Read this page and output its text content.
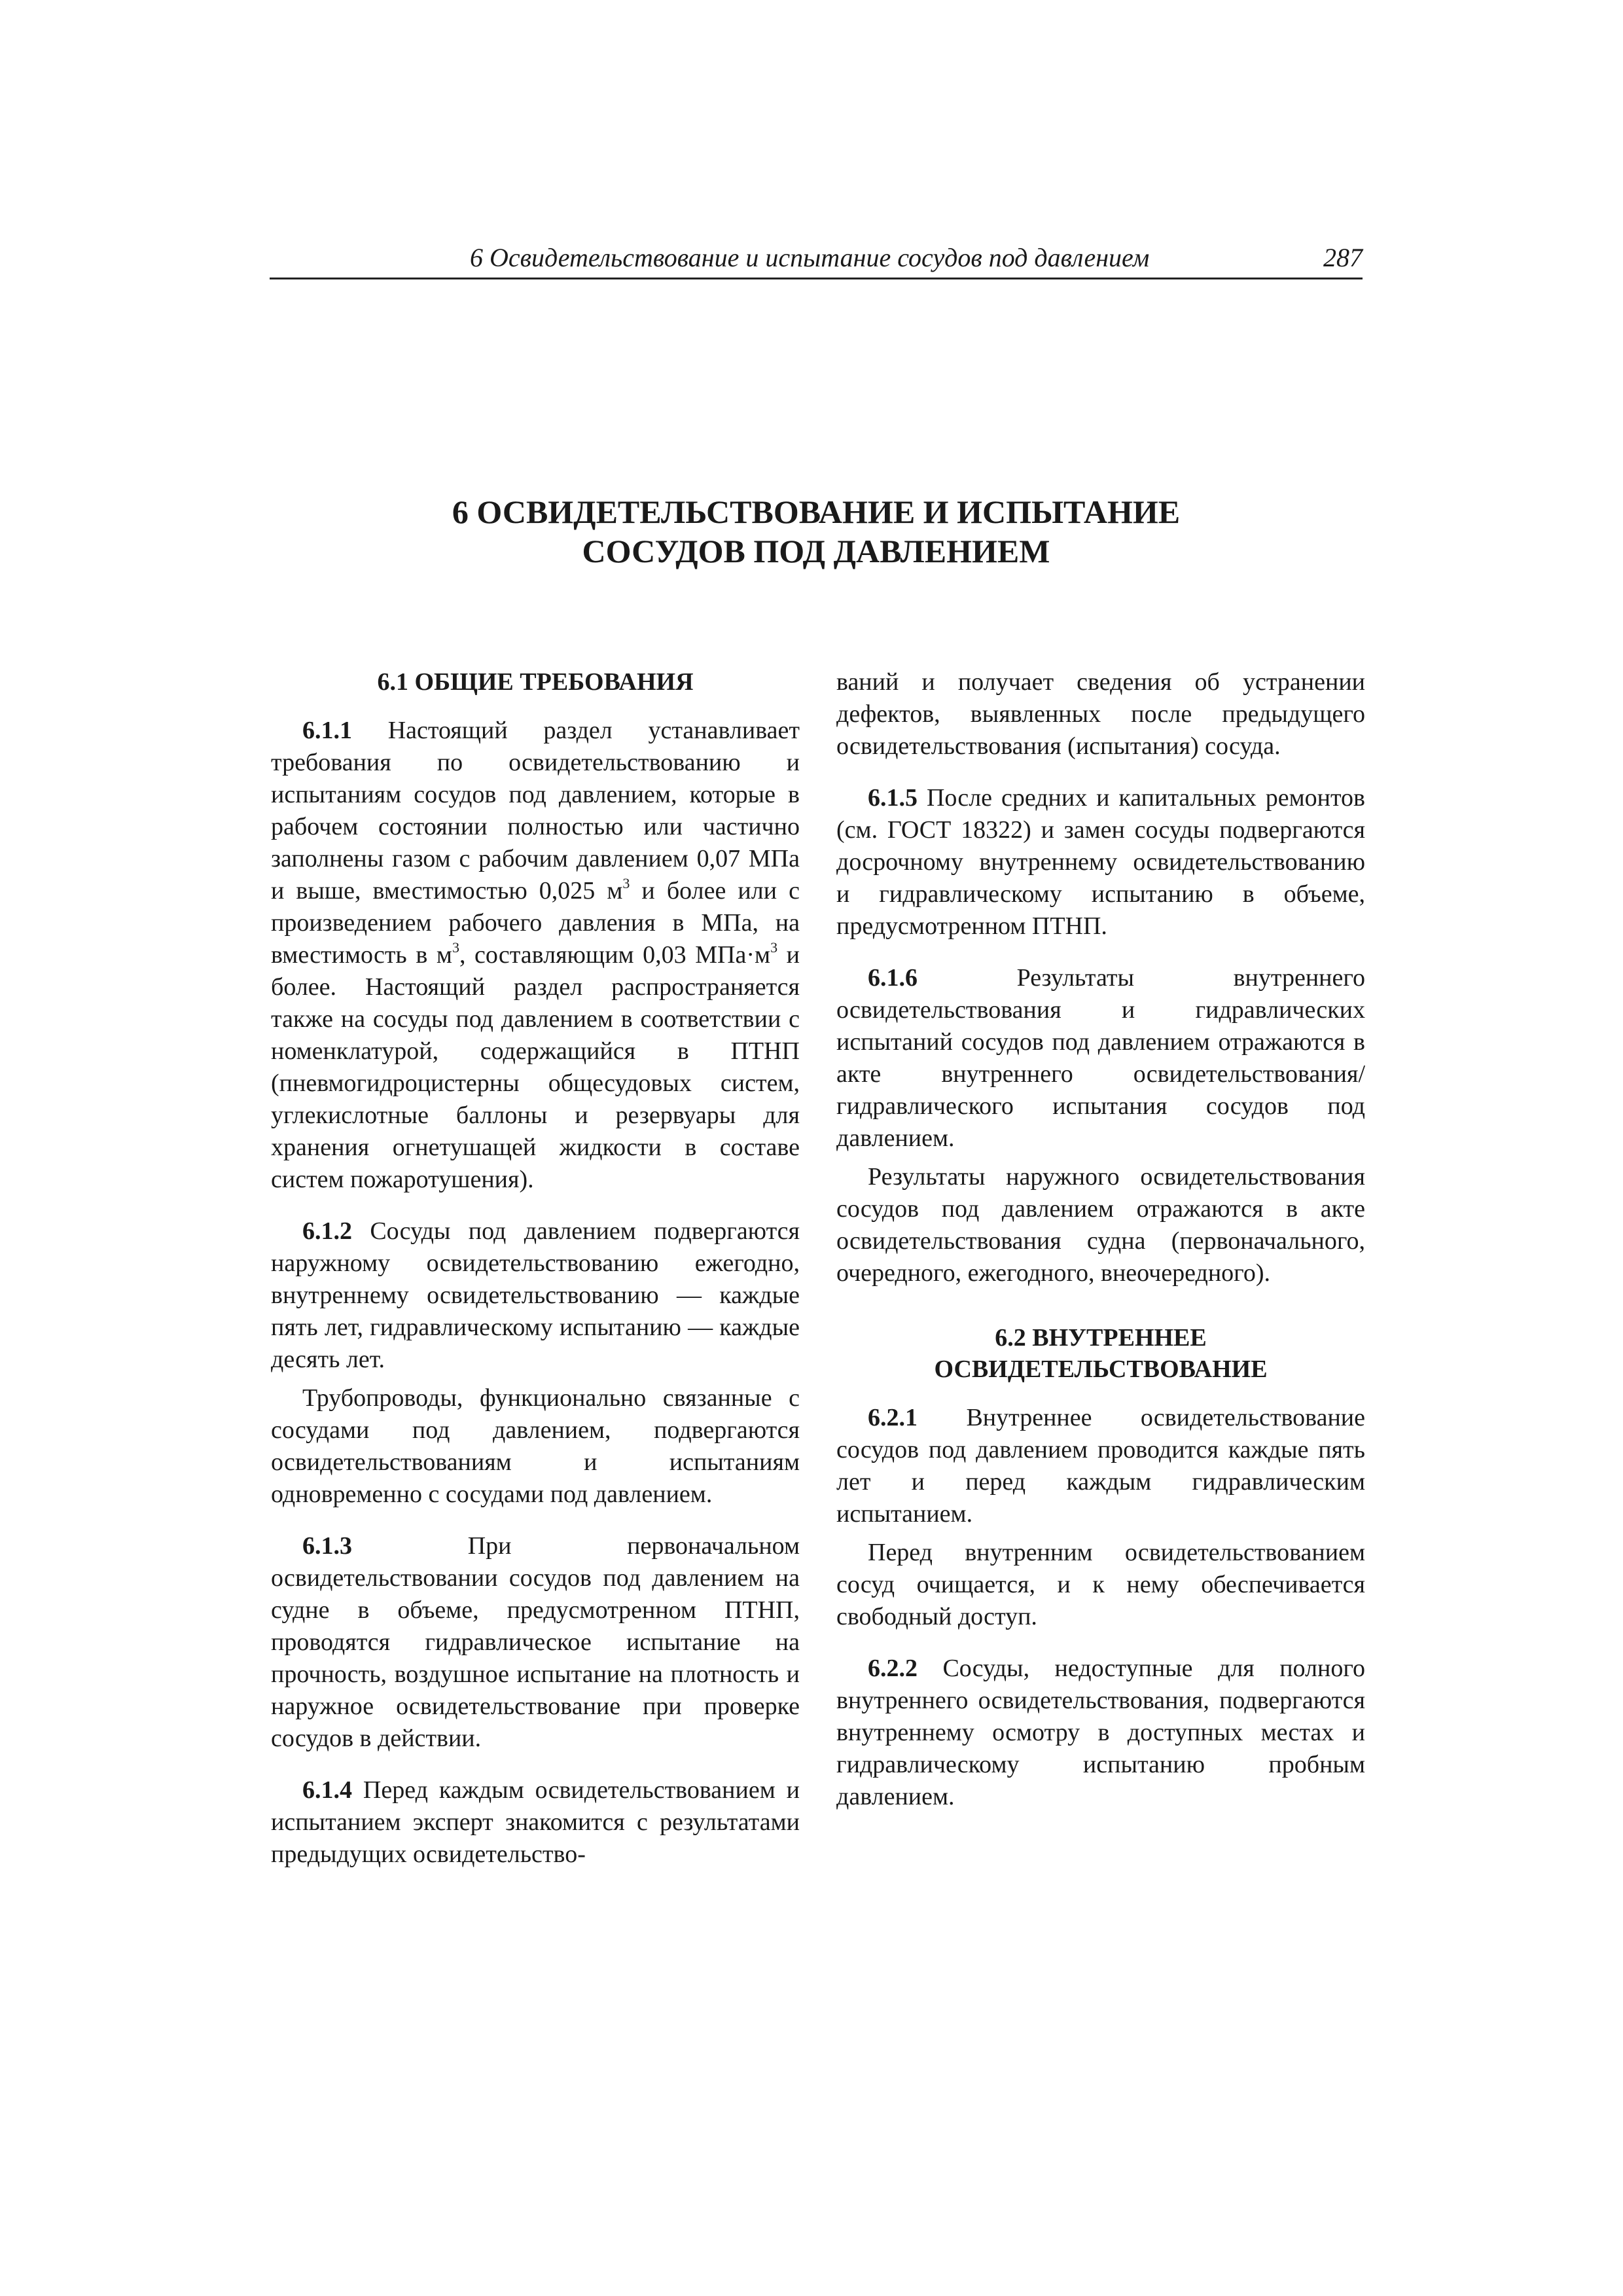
6 Освидетельствование и испытание сосудов под давлением	287
6 ОСВИДЕТЕЛЬСТВОВАНИЕ И ИСПЫТАНИЕ
СОСУДОВ ПОД ДАВЛЕНИЕМ
6.1 ОБЩИЕ ТРЕБОВАНИЯ

6.1.1 Настоящий раздел устанавливает требования по освидетельствованию и испытаниям сосудов под давлением, которые в рабочем состоянии полностью или частично заполнены газом с рабочим давлением 0,07 МПа и выше, вместимостью 0,025 $м^3$ и более или с произведением рабочего давления в МПа, на вместимость в $м^3$, составляющим 0,03 $МПа\cdot м^3$ и более. Настоящий раздел распространяется также на сосуды под давлением в соответствии с номенклатурой, содержащийся в ПТНП (пневмогидроцистерны общесудовых систем, углекислотные баллоны и резервуары для хранения огнетушащей жидкости в составе систем пожаротушения).

6.1.2 Сосуды под давлением подвергаются наружному освидетельствованию ежегодно, внутреннему освидетельствованию — каждые пять лет, гидравлическому испытанию — каждые десять лет.

Трубопроводы, функционально связанные с сосудами под давлением, подвергаются освидетельствованиям и испытаниям одновременно с сосудами под давлением.

6.1.3 При первоначальном освидетельствовании сосудов под давлением на судне в объеме, предусмотренном ПТНП, проводятся гидравлическое испытание на прочность, воздушное испытание на плотность и наружное освидетельствование при проверке сосудов в действии.

6.1.4 Перед каждым освидетельствованием и испытанием эксперт знакомится с результатами предыдущих освидетельство-

ваний и получает сведения об устранении дефектов, выявленных после предыдущего освидетельствования (испытания) сосуда.

6.1.5 После средних и капитальных ремонтов (см. ГОСТ 18322) и замен сосуды подвергаются досрочному внутреннему освидетельствованию и гидравлическому испытанию в объеме, предусмотренном ПТНП.

6.1.6 Результаты внутреннего освидетельствования и гидравлических испытаний сосудов под давлением отражаются в акте внутреннего освидетельствования/гидравлического испытания сосудов под давлением.

Результаты наружного освидетельствования сосудов под давлением отражаются в акте освидетельствования судна (первоначального, очередного, ежегодного, внеочередного).

6.2 ВНУТРЕННЕЕ
ОСВИДЕТЕЛЬСТВОВАНИЕ

6.2.1 Внутреннее освидетельствование сосудов под давлением проводится каждые пять лет и перед каждым гидравлическим испытанием.

Перед внутренним освидетельствованием сосуд очищается, и к нему обеспечивается свободный доступ.

6.2.2 Сосуды, недоступные для полного внутреннего освидетельствования, подвергаются внутреннему осмотру в доступных местах и гидравлическому испытанию пробным давлением.
